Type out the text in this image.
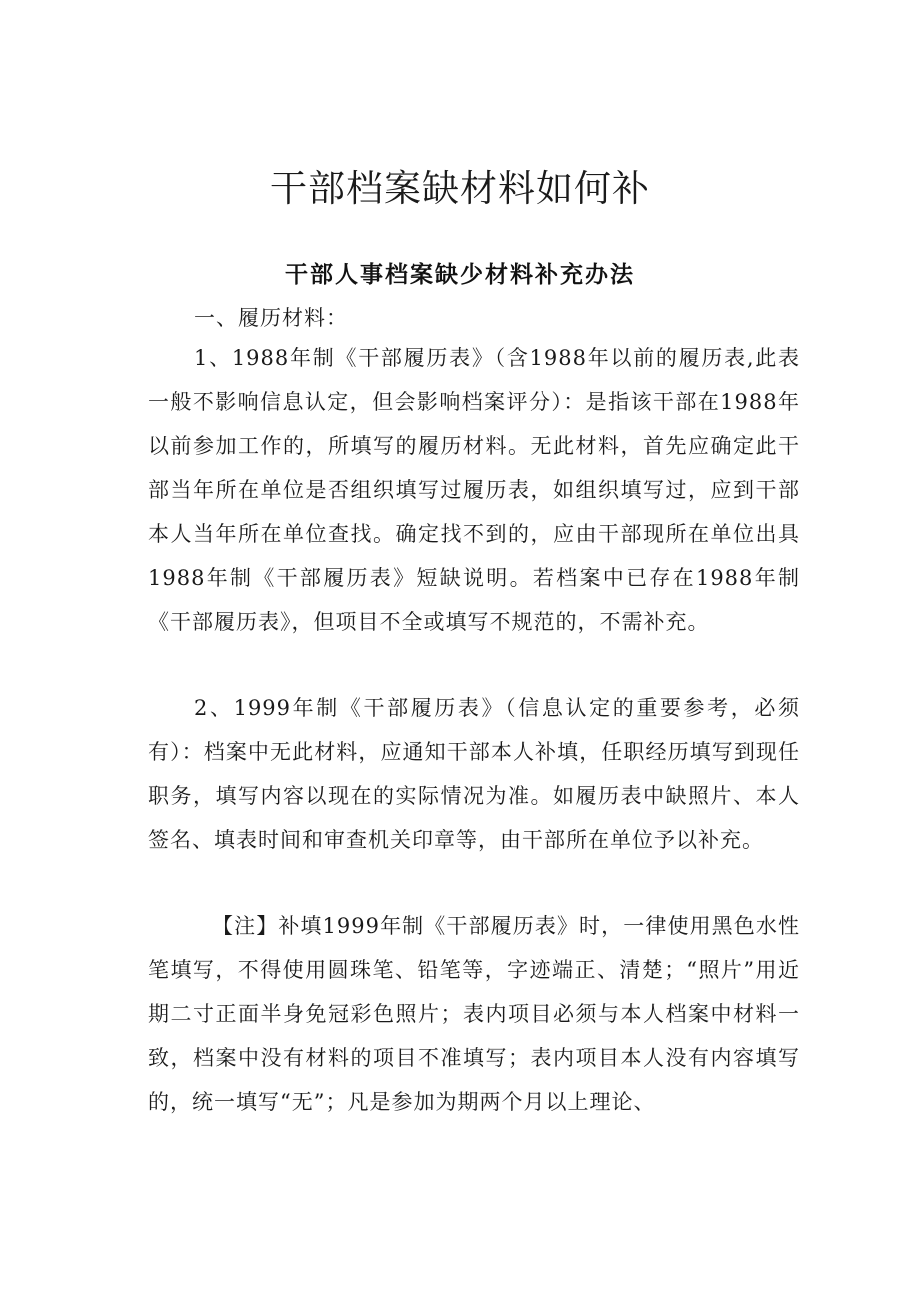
干部档案缺材料如何补
干部人事档案缺少材料补充办法

一、履历材料：

1、1988年制《干部履历表》（含1988年以前的履历表,此表一般不影响信息认定，但会影响档案评分）：是指该干部在1988年以前参加工作的，所填写的履历材料。无此材料，首先应确定此干部当年所在单位是否组织填写过履历表，如组织填写过，应到干部本人当年所在单位查找。确定找不到的，应由干部现所在单位出具1988年制《干部履历表》短缺说明。若档案中已存在1988年制《干部履历表》，但项目不全或填写不规范的，不需补充。

2、1999年制《干部履历表》（信息认定的重要参考，必须有）：档案中无此材料，应通知干部本人补填，任职经历填写到现任职务，填写内容以现在的实际情况为准。如履历表中缺照片、本人签名、填表时间和审查机关印章等，由干部所在单位予以补充。

【注】补填1999年制《干部履历表》时，一律使用黑色水性笔填写，不得使用圆珠笔、铅笔等，字迹端正、清楚；“照片”用近期二寸正面半身免冠彩色照片；表内项目必须与本人档案中材料一致，档案中没有材料的项目不准填写；表内项目本人没有内容填写的，统一填写“无”；凡是参加为期两个月以上理论、
